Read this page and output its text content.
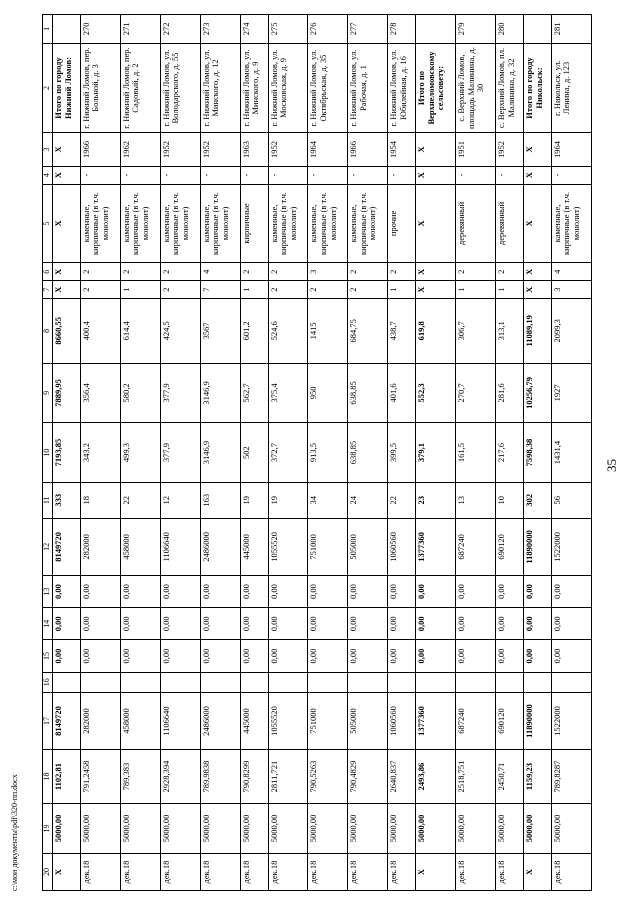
35
c:\мои документы\pdf\320-пп.docx	20	19	18	17	16	15	14	13	12	11	10	9	8	7	6	5	4	3	2	1
X	5000,00	1102,81	8149720		0,00	0,00	0,00	8149720	333	7193,85	7889,95	8660,55	X	X	X	X	X	Итого по городу Нижний Ломов:	
дек.18	5000,00	791,2458	282000		0,00	0,00	0,00	282000	18	343,2	356,4	400,4	2	2	каменные, кирпичные (в т.ч. монолит)	-	1966	г. Нижний Ломов, пер. Больной, д. 3	270
дек.18	5000,00	789,383	458000		0,00	0,00	0,00	458000	22	499,3	580,2	614,4	1	2	каменные, кирпичные (в т.ч. монолит)	-	1962	г. Нижний Ломов, пер. Садовый, д. 2	271
дек.18	5000,00	2928,394	1106640		0,00	0,00	0,00	1106640	12	377,9	377,9	424,5	2	2	каменные, кирпичные (в т.ч. монолит)	-	1952	г. Нижний Ломов, ул. Володарского, д. 55	272
дек.18	5000,00	789,9838	2486000		0,00	0,00	0,00	2486000	163	3146,9	3146,9	3567	7	4	каменные, кирпичные (в т.ч. монолит)	-	1952	г. Нижний Ломов, ул. Минского, д. 12	273
дек.18	5000,00	790,8299	445000		0,00	0,00	0,00	445000	19	502	562,7	601,2	1	2	кирпичные	-	1963	г. Нижний Ломов, ул. Минского, д. 9	274
дек.18	5000,00	2811,721	1055520		0,00	0,00	0,00	1055520	19	372,7	375,4	524,6	2	2	каменные, кирпичные (в т.ч. монолит)	-	1952	г. Нижний Ломов, ул. Московская, д. 9	275
дек.18	5000,00	790,5263	751000		0,00	0,00	0,00	751000	34	913,5	950	1415	2	3	каменные, кирпичные (в т.ч. монолит)	-	1964	г. Нижний Ломов, ул. Октябрьская, д. 35	276
дек.18	5000,00	790,4829	505000		0,00	0,00	0,00	505000	24	638,85	638,85	684,75	2	2	каменные, кирпичные (в т.ч. монолит)	-	1966	г. Нижний Ломов, ул. Рабочая, д. 1	277
дек.18	5000,00	2640,837	1060560		0,00	0,00	0,00	1060560	22	399,5	401,6	438,7	1	2	прочие	-	1954	г. Нижний Ломов, ул. Юбилейная, д. 16	278
X	5000,00	2493,86	1377360		0,00	0,00	0,00	1377360	23	379,1	552,3	619,8	X	X	X	X	X	Итого по Верхнеломовскому сельсовету:	
дек.18	5000,00	2518,751	687240		0,00	0,00	0,00	687240	13	161,5	270,7	306,7	1	2	деревянный	-	1951	с. Верхний Ломов, площадь Малинина, д. 30	279
дек.18	5000,00	2450,71	690120		0,00	0,00	0,00	690120	10	217,6	281,6	313,1	1	2	деревянный	-	1952	с. Верхний Ломов, пл. Малинина, д. 32	280
X	5000,00	1159,23	11890000		0,00	0,00	0,00	11890000	302	7598,38	10256,79	11089,19	X	X	X	X	X	Итого по городу Никольск:	
дек.18	5000,00	789,8287	1522000		0,00	0,00	0,00	1522000	56	1431,4	1927	2099,3	3	4	каменные, кирпичные (в т.ч. монолит)	-	1964	г. Никольск, ул. Ленина, д. 123	281
